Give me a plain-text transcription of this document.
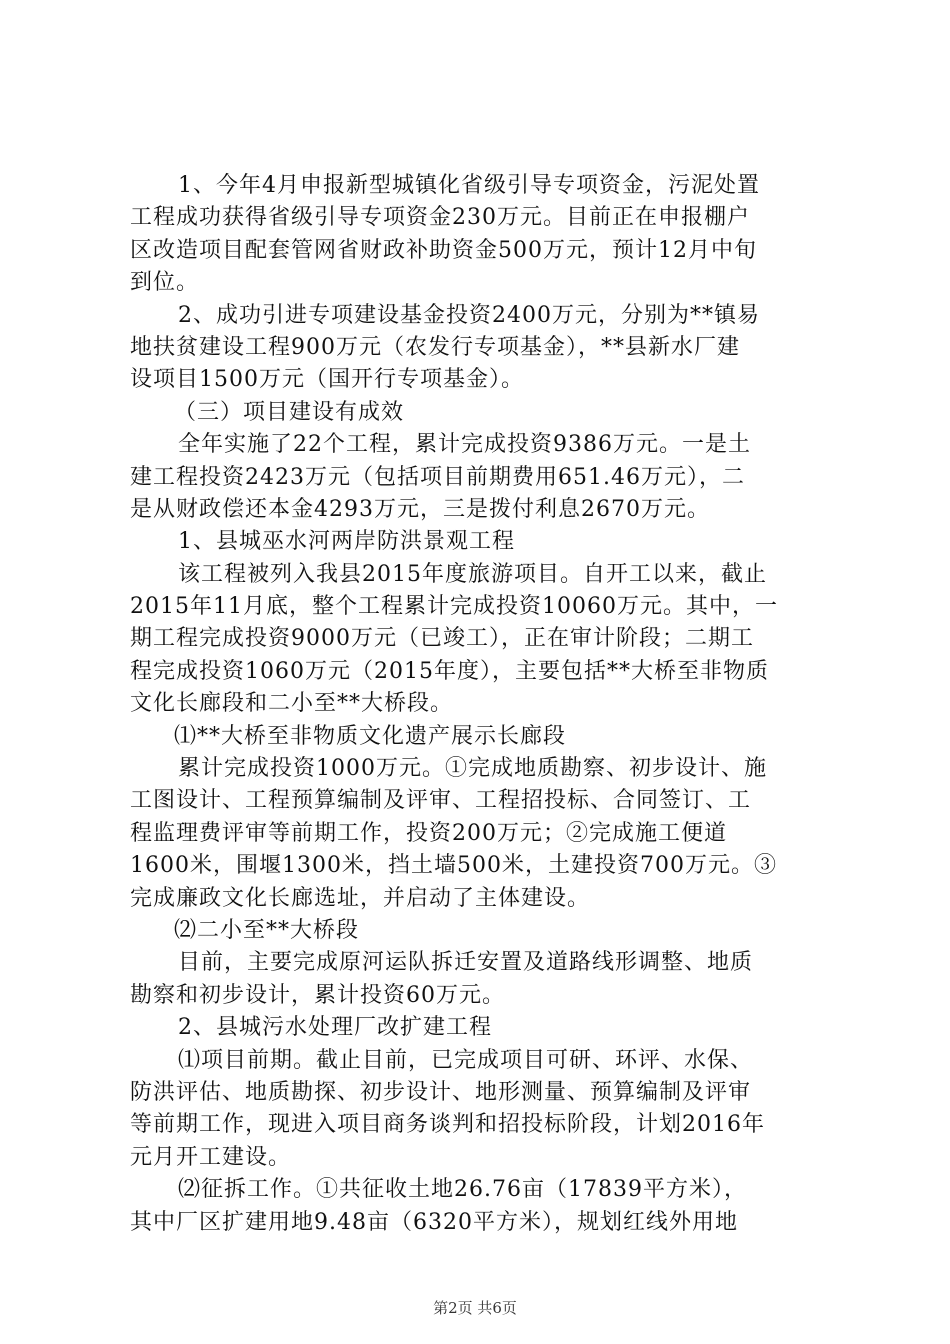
1、今年4月申报新型城镇化省级引导专项资金，污泥处置
工程成功获得省级引导专项资金230万元。目前正在申报棚户
区改造项目配套管网省财政补助资金500万元，预计12月中旬
到位。
2、成功引进专项建设基金投资2400万元，分别为**镇易
地扶贫建设工程900万元（农发行专项基金），**县新水厂建
设项目1500万元（国开行专项基金）。
（三）项目建设有成效
全年实施了22个工程，累计完成投资9386万元。一是土
建工程投资2423万元（包括项目前期费用651.46万元），二
是从财政偿还本金4293万元，三是拨付利息2670万元。
1、县城巫水河两岸防洪景观工程
该工程被列入我县2015年度旅游项目。自开工以来，截止
2015年11月底，整个工程累计完成投资10060万元。其中，一
期工程完成投资9000万元（已竣工），正在审计阶段；二期工
程完成投资1060万元（2015年度），主要包括**大桥至非物质
文化长廊段和二小至**大桥段。
⑴**大桥至非物质文化遗产展示长廊段
累计完成投资1000万元。①完成地质勘察、初步设计、施
工图设计、工程预算编制及评审、工程招投标、合同签订、工
程监理费评审等前期工作，投资200万元；②完成施工便道
1600米，围堰1300米，挡土墙500米，土建投资700万元。③
完成廉政文化长廊选址，并启动了主体建设。
⑵二小至**大桥段
目前，主要完成原河运队拆迁安置及道路线形调整、地质
勘察和初步设计，累计投资60万元。
2、县城污水处理厂改扩建工程
⑴项目前期。截止目前，已完成项目可研、环评、水保、
防洪评估、地质勘探、初步设计、地形测量、预算编制及评审
等前期工作，现进入项目商务谈判和招投标阶段，计划2016年
元月开工建设。
⑵征拆工作。①共征收土地26.76亩（17839平方米），
其中厂区扩建用地9.48亩（6320平方米），规划红线外用地
第2页 共6页
